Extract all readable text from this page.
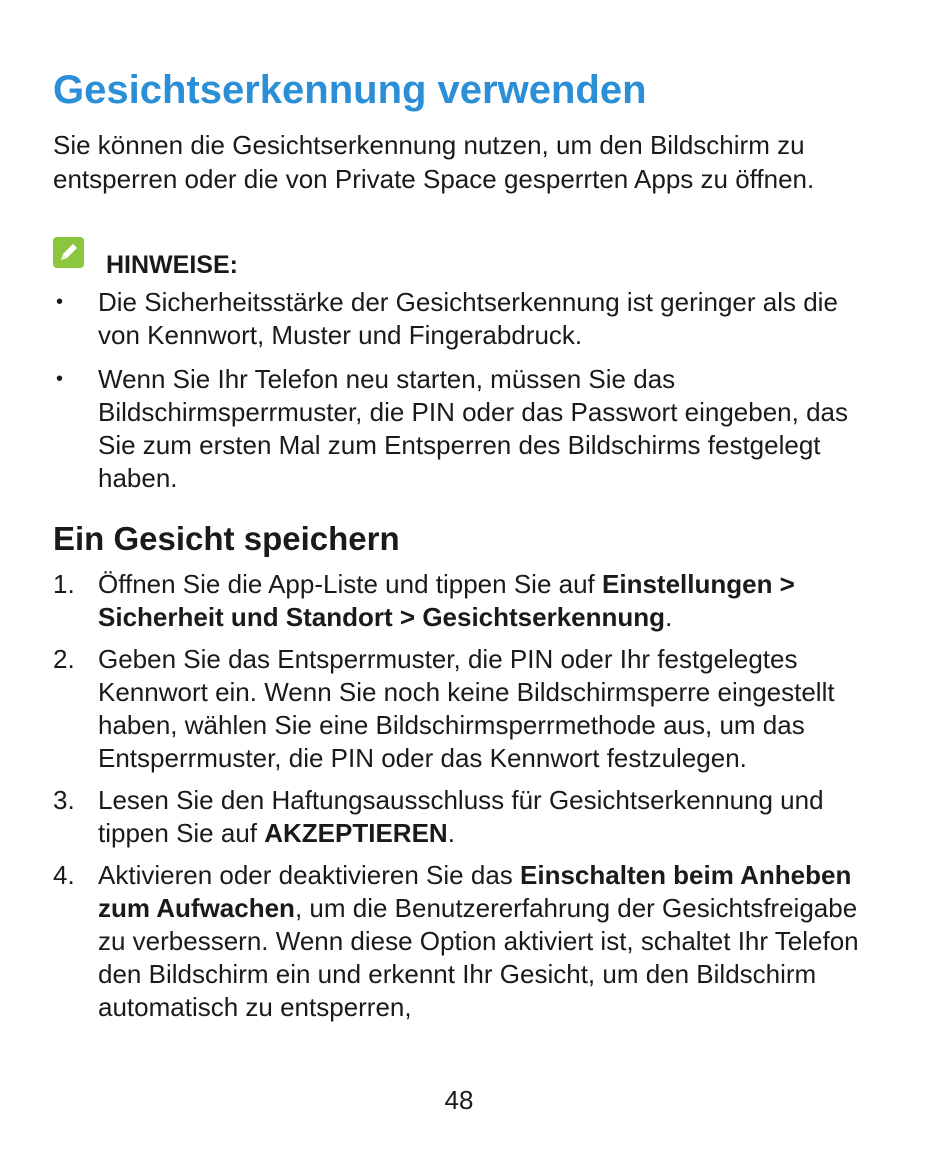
Gesichtserkennung verwenden

Sie können die Gesichtserkennung nutzen, um den Bildschirm zu entsperren oder die von Private Space gesperrten Apps zu öffnen.

HINWEISE:
• Die Sicherheitsstärke der Gesichtserkennung ist geringer als die von Kennwort, Muster und Fingerabdruck.
• Wenn Sie Ihr Telefon neu starten, müssen Sie das Bildschirmsperrmuster, die PIN oder das Passwort eingeben, das Sie zum ersten Mal zum Entsperren des Bildschirms festgelegt haben.
Ein Gesicht speichern
1. Öffnen Sie die App-Liste und tippen Sie auf Einstellungen > Sicherheit und Standort > Gesichtserkennung.
2. Geben Sie das Entsperrmuster, die PIN oder Ihr festgelegtes Kennwort ein. Wenn Sie noch keine Bildschirmsperre eingestellt haben, wählen Sie eine Bildschirmsperrmethode aus, um das Entsperrmuster, die PIN oder das Kennwort festzulegen.
3. Lesen Sie den Haftungsausschluss für Gesichtserkennung und tippen Sie auf AKZEPTIEREN.
4. Aktivieren oder deaktivieren Sie das Einschalten beim Anheben zum Aufwachen, um die Benutzererfahrung der Gesichtsfreigabe zu verbessern. Wenn diese Option aktiviert ist, schaltet Ihr Telefon den Bildschirm ein und erkennt Ihr Gesicht, um den Bildschirm automatisch zu entsperren,
48
